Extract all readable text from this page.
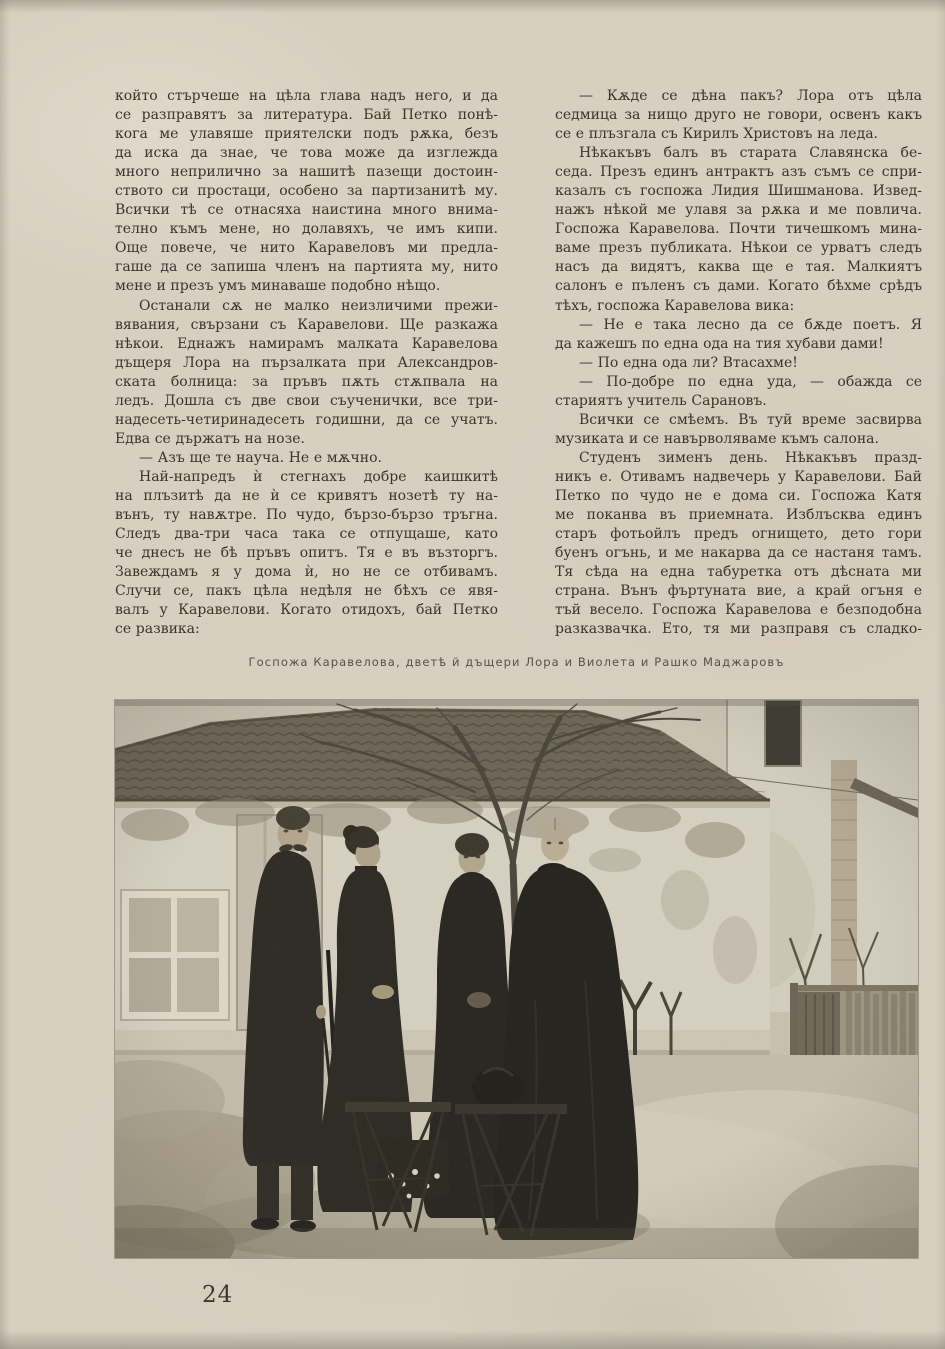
който стърчеше на цѣла глава надъ него, и да
се разправятъ за литература. Бай Петко понѣ-
кога ме улавяше приятелски подъ рѫка, безъ
да иска да знае, че това може да изглежда
много неприлично за нашитѣ пазещи достоин-
ството си простаци, особено за партизанитѣ му.
Всички тѣ се отнасяха наистина много внима-
телно къмъ мене, но долавяхъ, че имъ кипи.
Още повече, че нито Каравеловъ ми предла-
гаше да се запиша членъ на партията му, нито
мене и презъ умъ минаваше подобно нѣщо.
Останали сѫ не малко неизличими прежи-
вявания, свързани съ Каравелови. Ще разкажа
нѣкои. Еднажъ намирамъ малката Каравелова
дъщеря Лора на пързалката при Александров-
ската болница: за пръвъ пѫть стѫпвала на
ледъ. Дошла съ две свои съученички, все три-
надесеть-четиринадесеть годишни, да се учатъ.
Едва се държатъ на нозе.
— Азъ ще те науча. Не е мѫчно.
Най-напредъ ѝ стегнахъ добре каишкитѣ
на плъзитѣ да не ѝ се кривятъ нозетѣ ту на-
вънъ, ту навѫтре. По чудо, бързо-бързо тръгна.
Следъ два-три часа така се отпущаше, като
че днесъ не бѣ пръвъ опитъ. Тя е въ възторгъ.
Завеждамъ я у дома ѝ, но не се отбивамъ.
Случи се, пакъ цѣла недѣля не бѣхъ се явя-
валъ у Каравелови. Когато отидохъ, бай Петко
се развика:
— Кѫде се дѣна пакъ? Лора отъ цѣла
седмица за нищо друго не говори, освенъ какъ
се е плъзгала съ Кирилъ Христовъ на леда.
Нѣкакъвъ балъ въ старата Славянска бе-
седа. Презъ единъ антрактъ азъ съмъ се спри-
казалъ съ госпожа Лидия Шишманова. Извед-
нажъ нѣкой ме улавя за рѫка и ме повлича.
Госпожа Каравелова. Почти тичешкомъ мина-
ваме презъ публиката. Нѣкои се урватъ следъ
насъ да видятъ, каква ще е тая. Малкиятъ
салонъ е пъленъ съ дами. Когато бѣхме срѣдъ
тѣхъ, госпожа Каравелова вика:
— Не е така лесно да се бѫде поетъ. Я
да кажешъ по една ода на тия хубави дами!
— По една ода ли? Втасахме!
— По-добре по една уда, — обажда се
стариятъ учитель Сарановъ.
Всички се смѣемъ. Въ туй време засвирва
музиката и се навърволяваме къмъ салона.
Студенъ зименъ день. Нѣкакъвъ празд-
никъ е. Отивамъ надвечерь у Каравелови. Бай
Петко по чудо не е дома си. Госпожа Катя
ме поканва въ приемната. Изблъсква единъ
старъ фотьойлъ предъ огнището, дето гори
буенъ огънь, и ме накарва да се настаня тамъ.
Тя сѣда на една табуретка отъ дѣсната ми
страна. Вънъ фъртуната вие, а край огъня е
тъй весело. Госпожа Каравелова е безподобна
разказвачка. Ето, тя ми разправя съ сладко-
Госпожа Каравелова, дветѣ й дъщери Лора и Виолета и Рашко Маджаровъ
24
